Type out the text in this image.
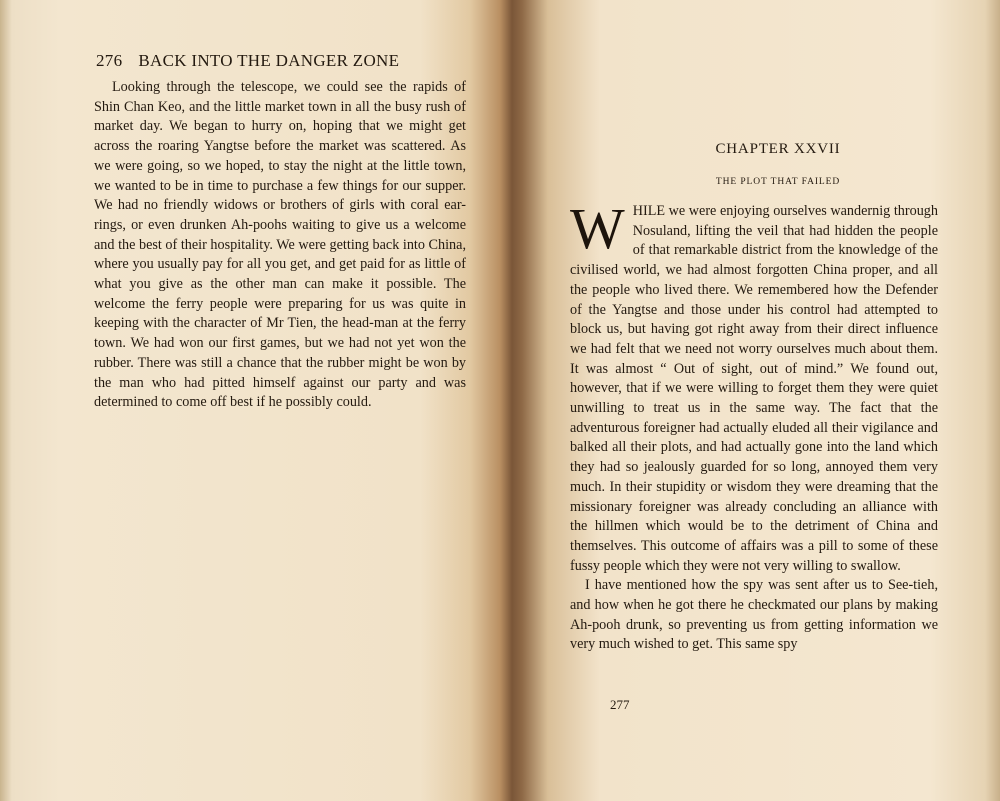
276 BACK INTO THE DANGER ZONE

Looking through the telescope, we could see the rapids of Shin Chan Keo, and the little market town in all the busy rush of market day. We began to hurry on, hoping that we might get across the roaring Yangtse before the market was scattered. As we were going, so we hoped, to stay the night at the little town, we wanted to be in time to purchase a few things for our supper. We had no friendly widows or brothers of girls with coral ear-rings, or even drunken Ah-poohs waiting to give us a welcome and the best of their hospitality. We were getting back into China, where you usually pay for all you get, and get paid for as little of what you give as the other man can make it possible. The welcome the ferry people were preparing for us was quite in keeping with the character of Mr Tien, the head-man at the ferry town. We had won our first games, but we had not yet won the rubber. There was still a chance that the rubber might be won by the man who had pitted himself against our party and was determined to come off best if he possibly could.

CHAPTER XXVII
THE PLOT THAT FAILED

WHILE we were enjoying ourselves wandernig through Nosuland, lifting the veil that had hidden the people of that remarkable district from the knowledge of the civilised world, we had almost forgotten China proper, and all the people who lived there. We remembered how the Defender of the Yangtse and those under his control had attempted to block us, but having got right away from their direct influence we had felt that we need not worry ourselves much about them. It was almost “ Out of sight, out of mind.” We found out, however, that if we were willing to forget them they were quiet unwilling to treat us in the same way. The fact that the adventurous foreigner had actually eluded all their vigilance and balked all their plots, and had actually gone into the land which they had so jealously guarded for so long, annoyed them very much. In their stupidity or wisdom they were dreaming that the missionary foreigner was already concluding an alliance with the hillmen which would be to the detriment of China and themselves. This outcome of affairs was a pill to some of these fussy people which they were not very willing to swallow.

I have mentioned how the spy was sent after us to See-tieh, and how when he got there he checkmated our plans by making Ah-pooh drunk, so preventing us from getting information we very much wished to get. This same spy

277
